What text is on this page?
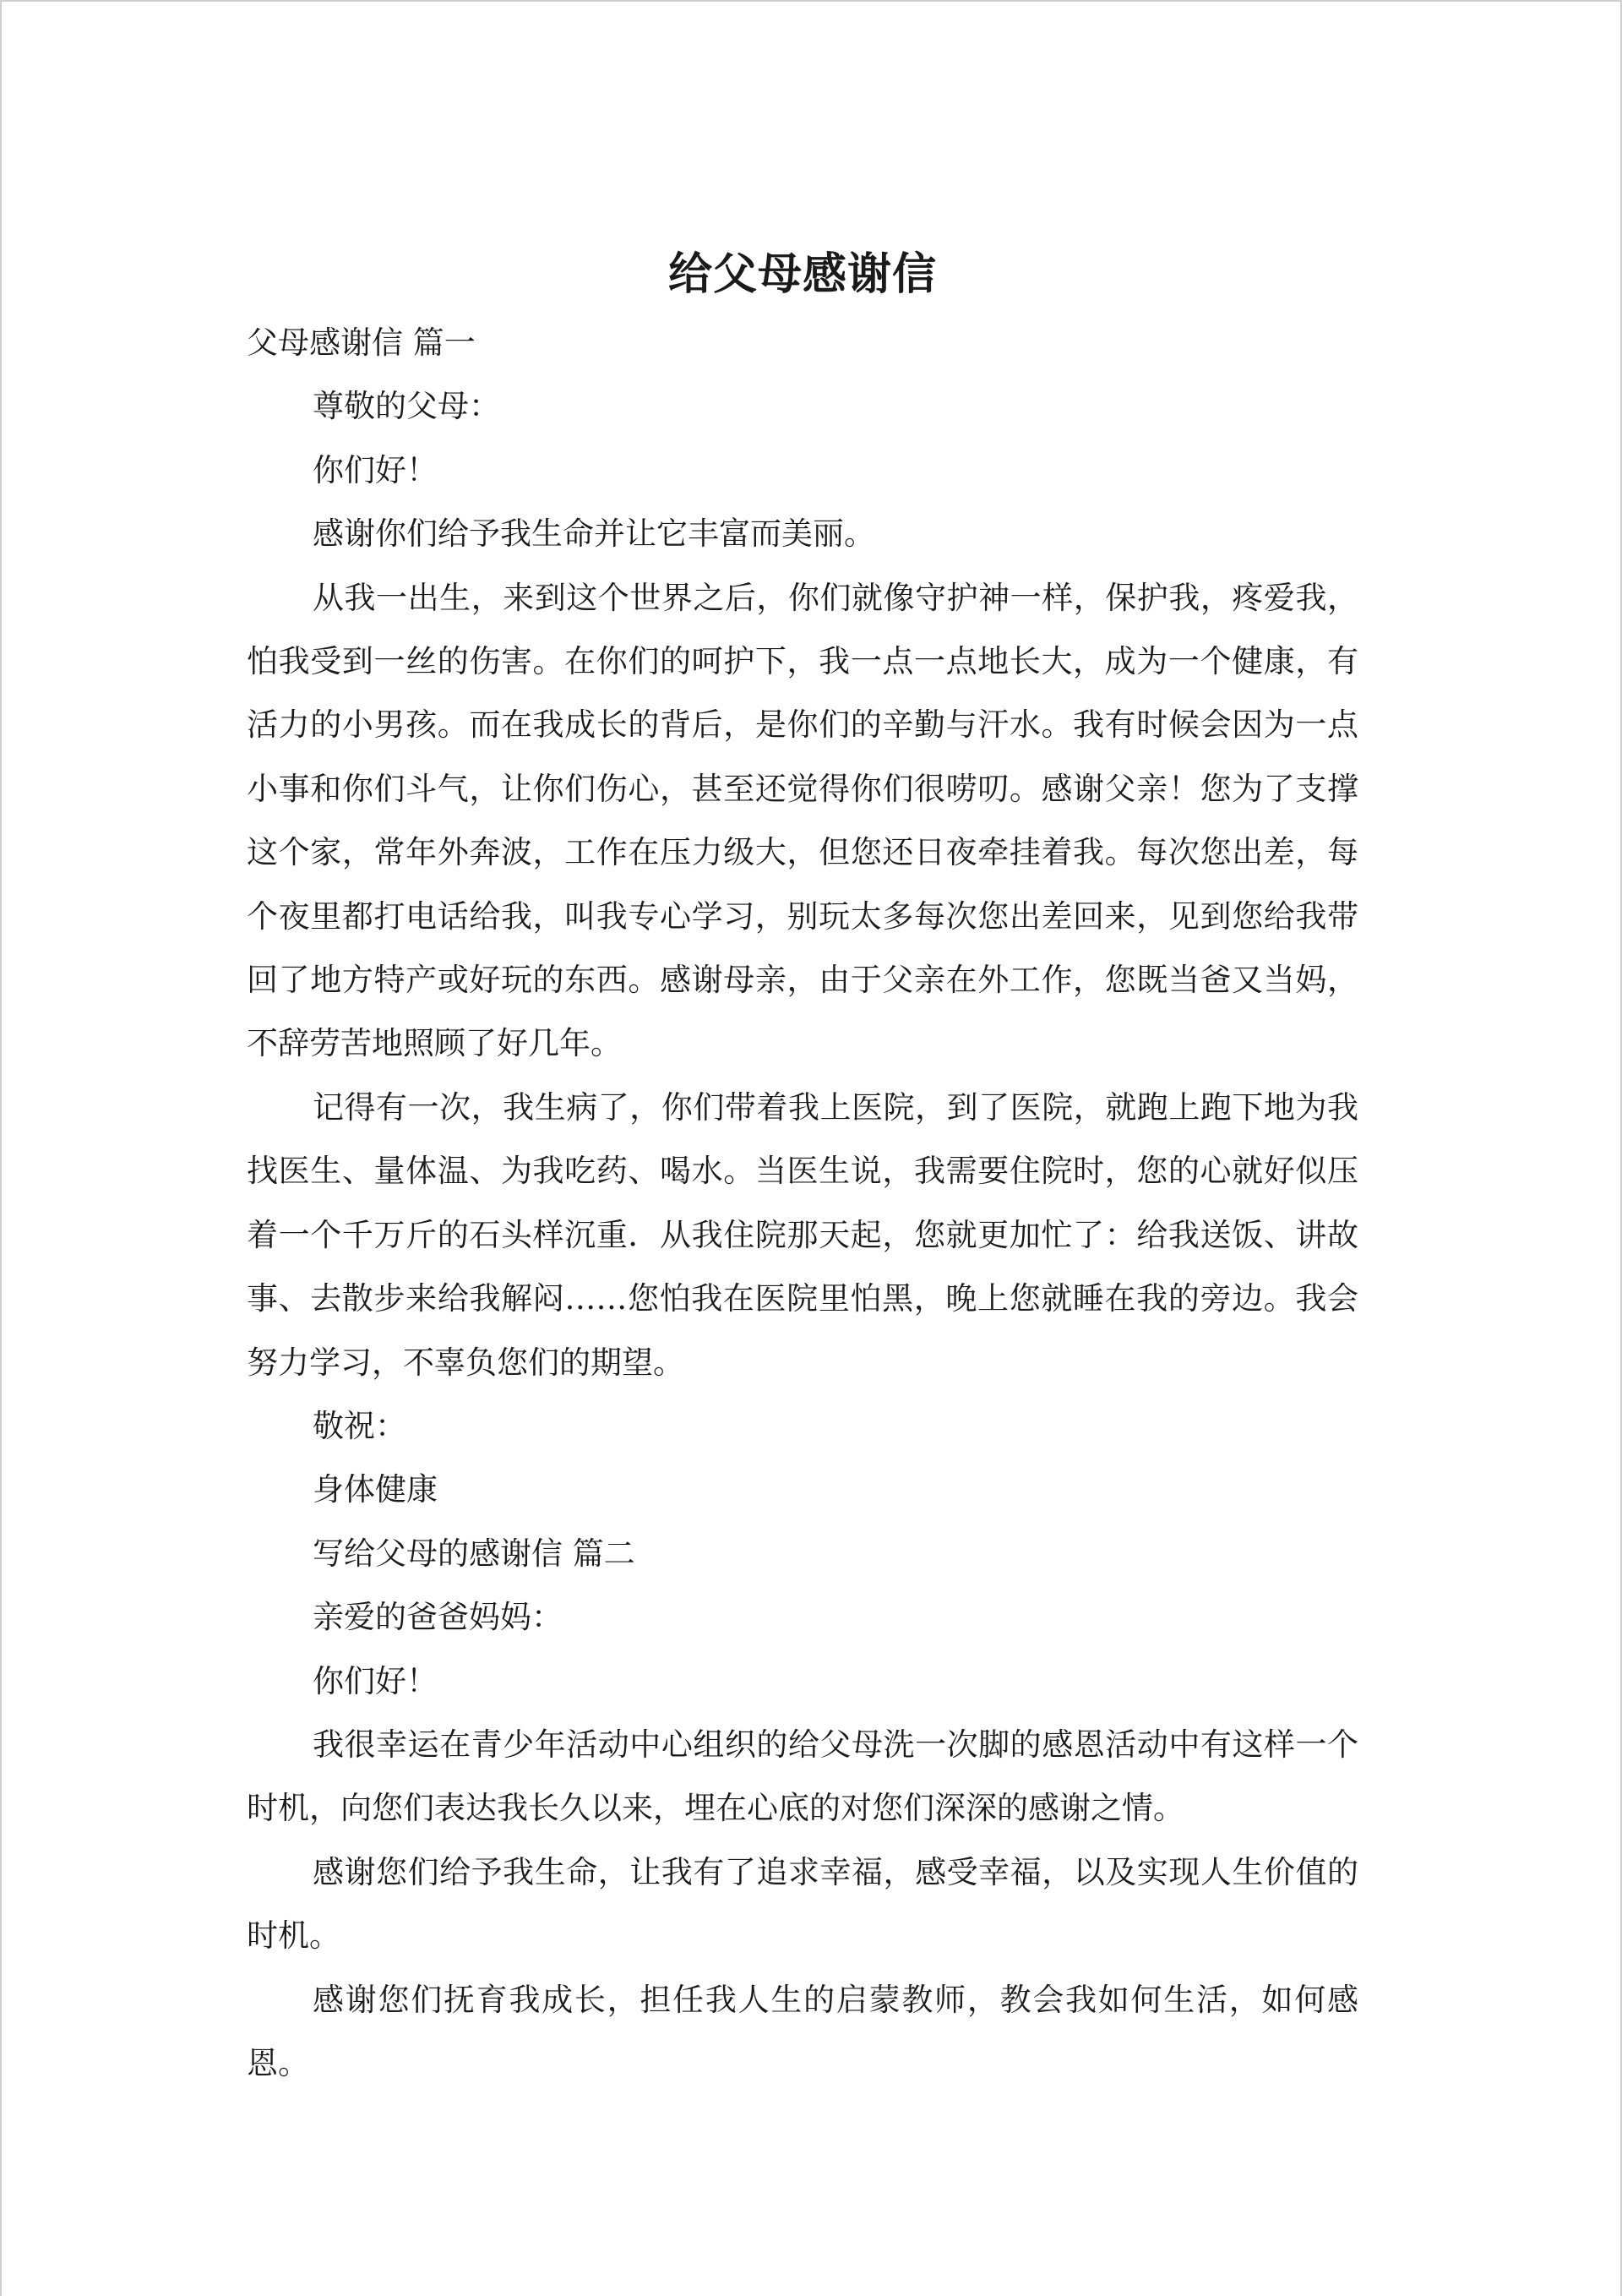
给父母感谢信

父母感谢信 篇一

尊敬的父母：

你们好！

感谢你们给予我生命并让它丰富而美丽。

从我一出生，来到这个世界之后，你们就像守护神一样，保护我，疼爱我，怕我受到一丝的伤害。在你们的呵护下，我一点一点地长大，成为一个健康，有活力的小男孩。而在我成长的背后，是你们的辛勤与汗水。我有时候会因为一点小事和你们斗气，让你们伤心，甚至还觉得你们很唠叨。感谢父亲！您为了支撑这个家，常年外奔波，工作在压力级大，但您还日夜牵挂着我。每次您出差，每个夜里都打电话给我，叫我专心学习，别玩太多每次您出差回来，见到您给我带回了地方特产或好玩的东西。感谢母亲，由于父亲在外工作，您既当爸又当妈，不辞劳苦地照顾了好几年。

记得有一次，我生病了，你们带着我上医院，到了医院，就跑上跑下地为我找医生、量体温、为我吃药、喝水。当医生说，我需要住院时，您的心就好似压着一个千万斤的石头样沉重．从我住院那天起，您就更加忙了：给我送饭、讲故事、去散步来给我解闷……您怕我在医院里怕黑，晚上您就睡在我的旁边。我会努力学习，不辜负您们的期望。

敬祝：

身体健康

写给父母的感谢信 篇二

亲爱的爸爸妈妈：

你们好！

我很幸运在青少年活动中心组织的给父母洗一次脚的感恩活动中有这样一个时机，向您们表达我长久以来，埋在心底的对您们深深的感谢之情。

感谢您们给予我生命，让我有了追求幸福，感受幸福，以及实现人生价值的时机。

感谢您们抚育我成长，担任我人生的启蒙教师，教会我如何生活，如何感恩。
